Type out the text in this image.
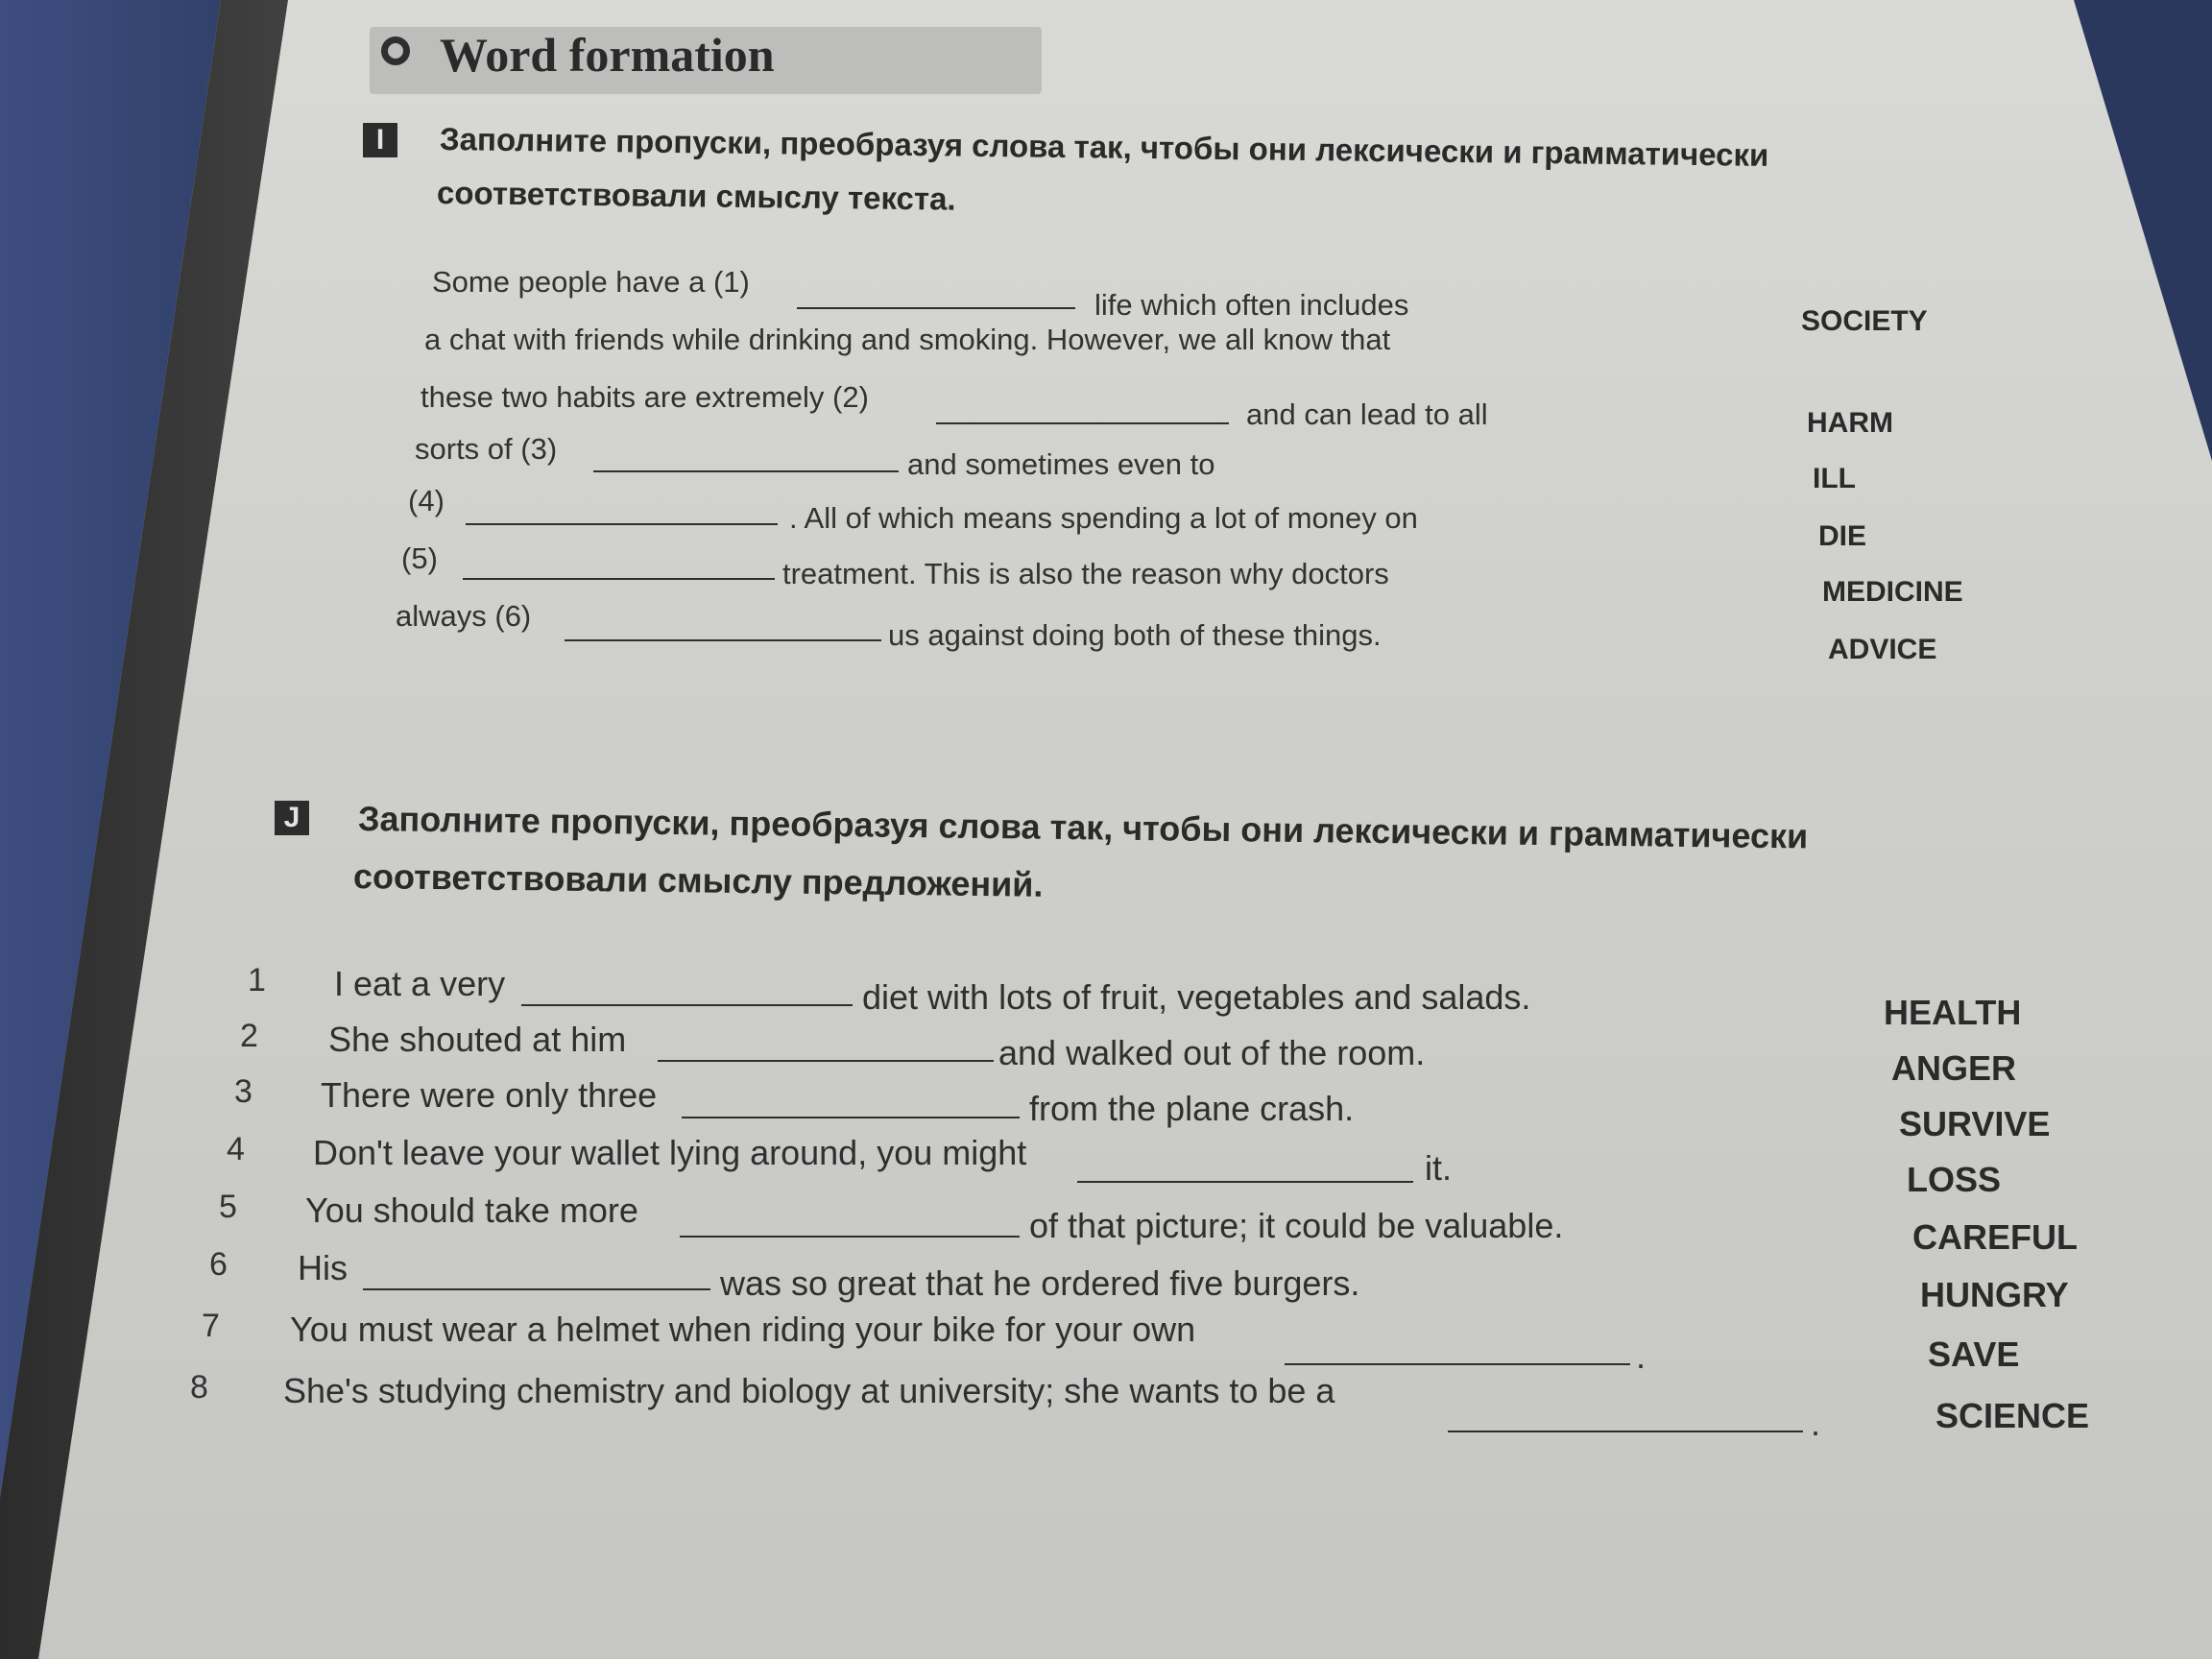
Word formation
I	Заполните пропуски, преобразуя слова так, чтобы они лексически и грамматически
соответствовали смыслу текста.
Some people have a (1)
life which often includes
a chat with friends while drinking and smoking. However, we all know that
these two habits are extremely (2)
and can lead to all
sorts of (3)	and sometimes even to
(4)
. All of which means spending a lot of money on
(5)	treatment. This is also the reason why doctors
always (6)
us against doing both of these things.
SOCIETY
HARM
ILL
DIE
MEDICINE
ADVICE
J Заполните пропуски, преобразуя слова так, чтобы они лексически и грамматически
соответствовали смыслу предложений.
1 I eat a very	diet with lots of fruit, vegetables and salads.	HEALTH
2 She shouted at him	and walked out of the room.	ANGER
3 There were only three	from the plane crash.	SURVIVE
4 Don't leave your wallet lying around, you might	it.	LOSS
5 You should take more	of that picture; it could be valuable.	CAREFUL
6 His	was so great that he ordered five burgers.	HUNGRY
7 You must wear a helmet when riding your bike for your own
.	SAVE
8 She's studying chemistry and biology at university; she wants to be a
.	SCIENCE
